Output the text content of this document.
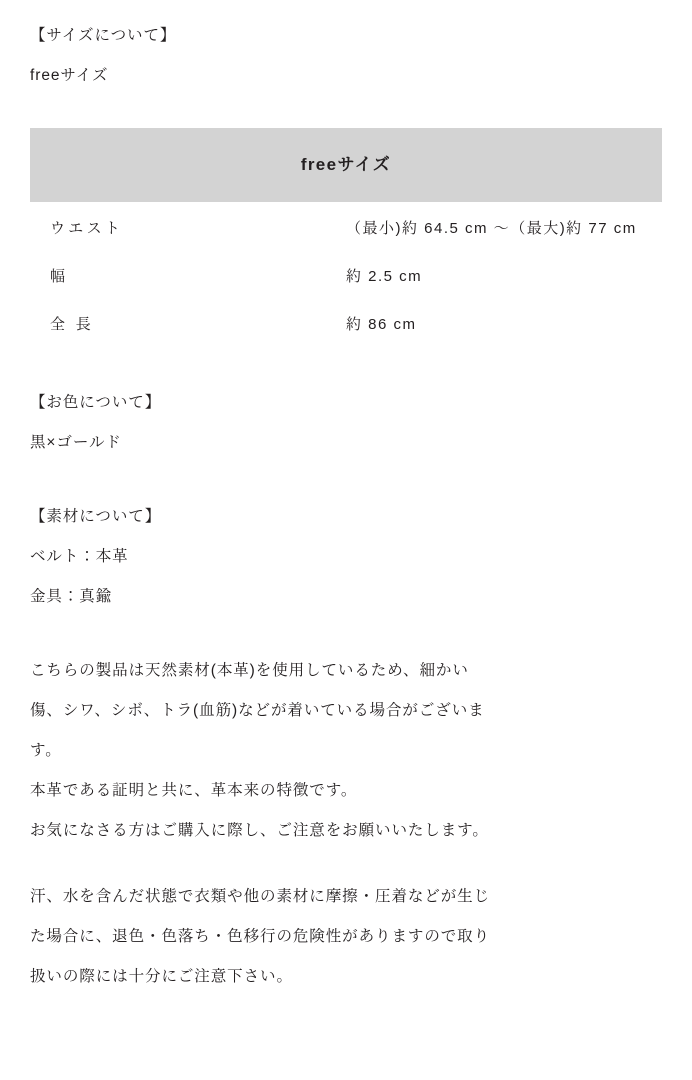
【サイズについて】
freeサイズ
freeサイズ	
ウエスト	（最小)約 64.5 cm 〜（最大)約 77 cm
幅	約 2.5 cm
全 長	約 86 cm
【お色について】
黒×ゴールド
【素材について】
ベルト：本革
金具：真鍮
こちらの製品は天然素材(本革)を使用しているため、細かい
傷、シワ、シボ、トラ(血筋)などが着いている場合がございま
す。
本革である証明と共に、革本来の特徴です。
お気になさる方はご購入に際し、ご注意をお願いいたします。
汗、水を含んだ状態で衣類や他の素材に摩擦・圧着などが生じ
た場合に、退色・色落ち・色移行の危険性がありますので取り
扱いの際には十分にご注意下さい。
